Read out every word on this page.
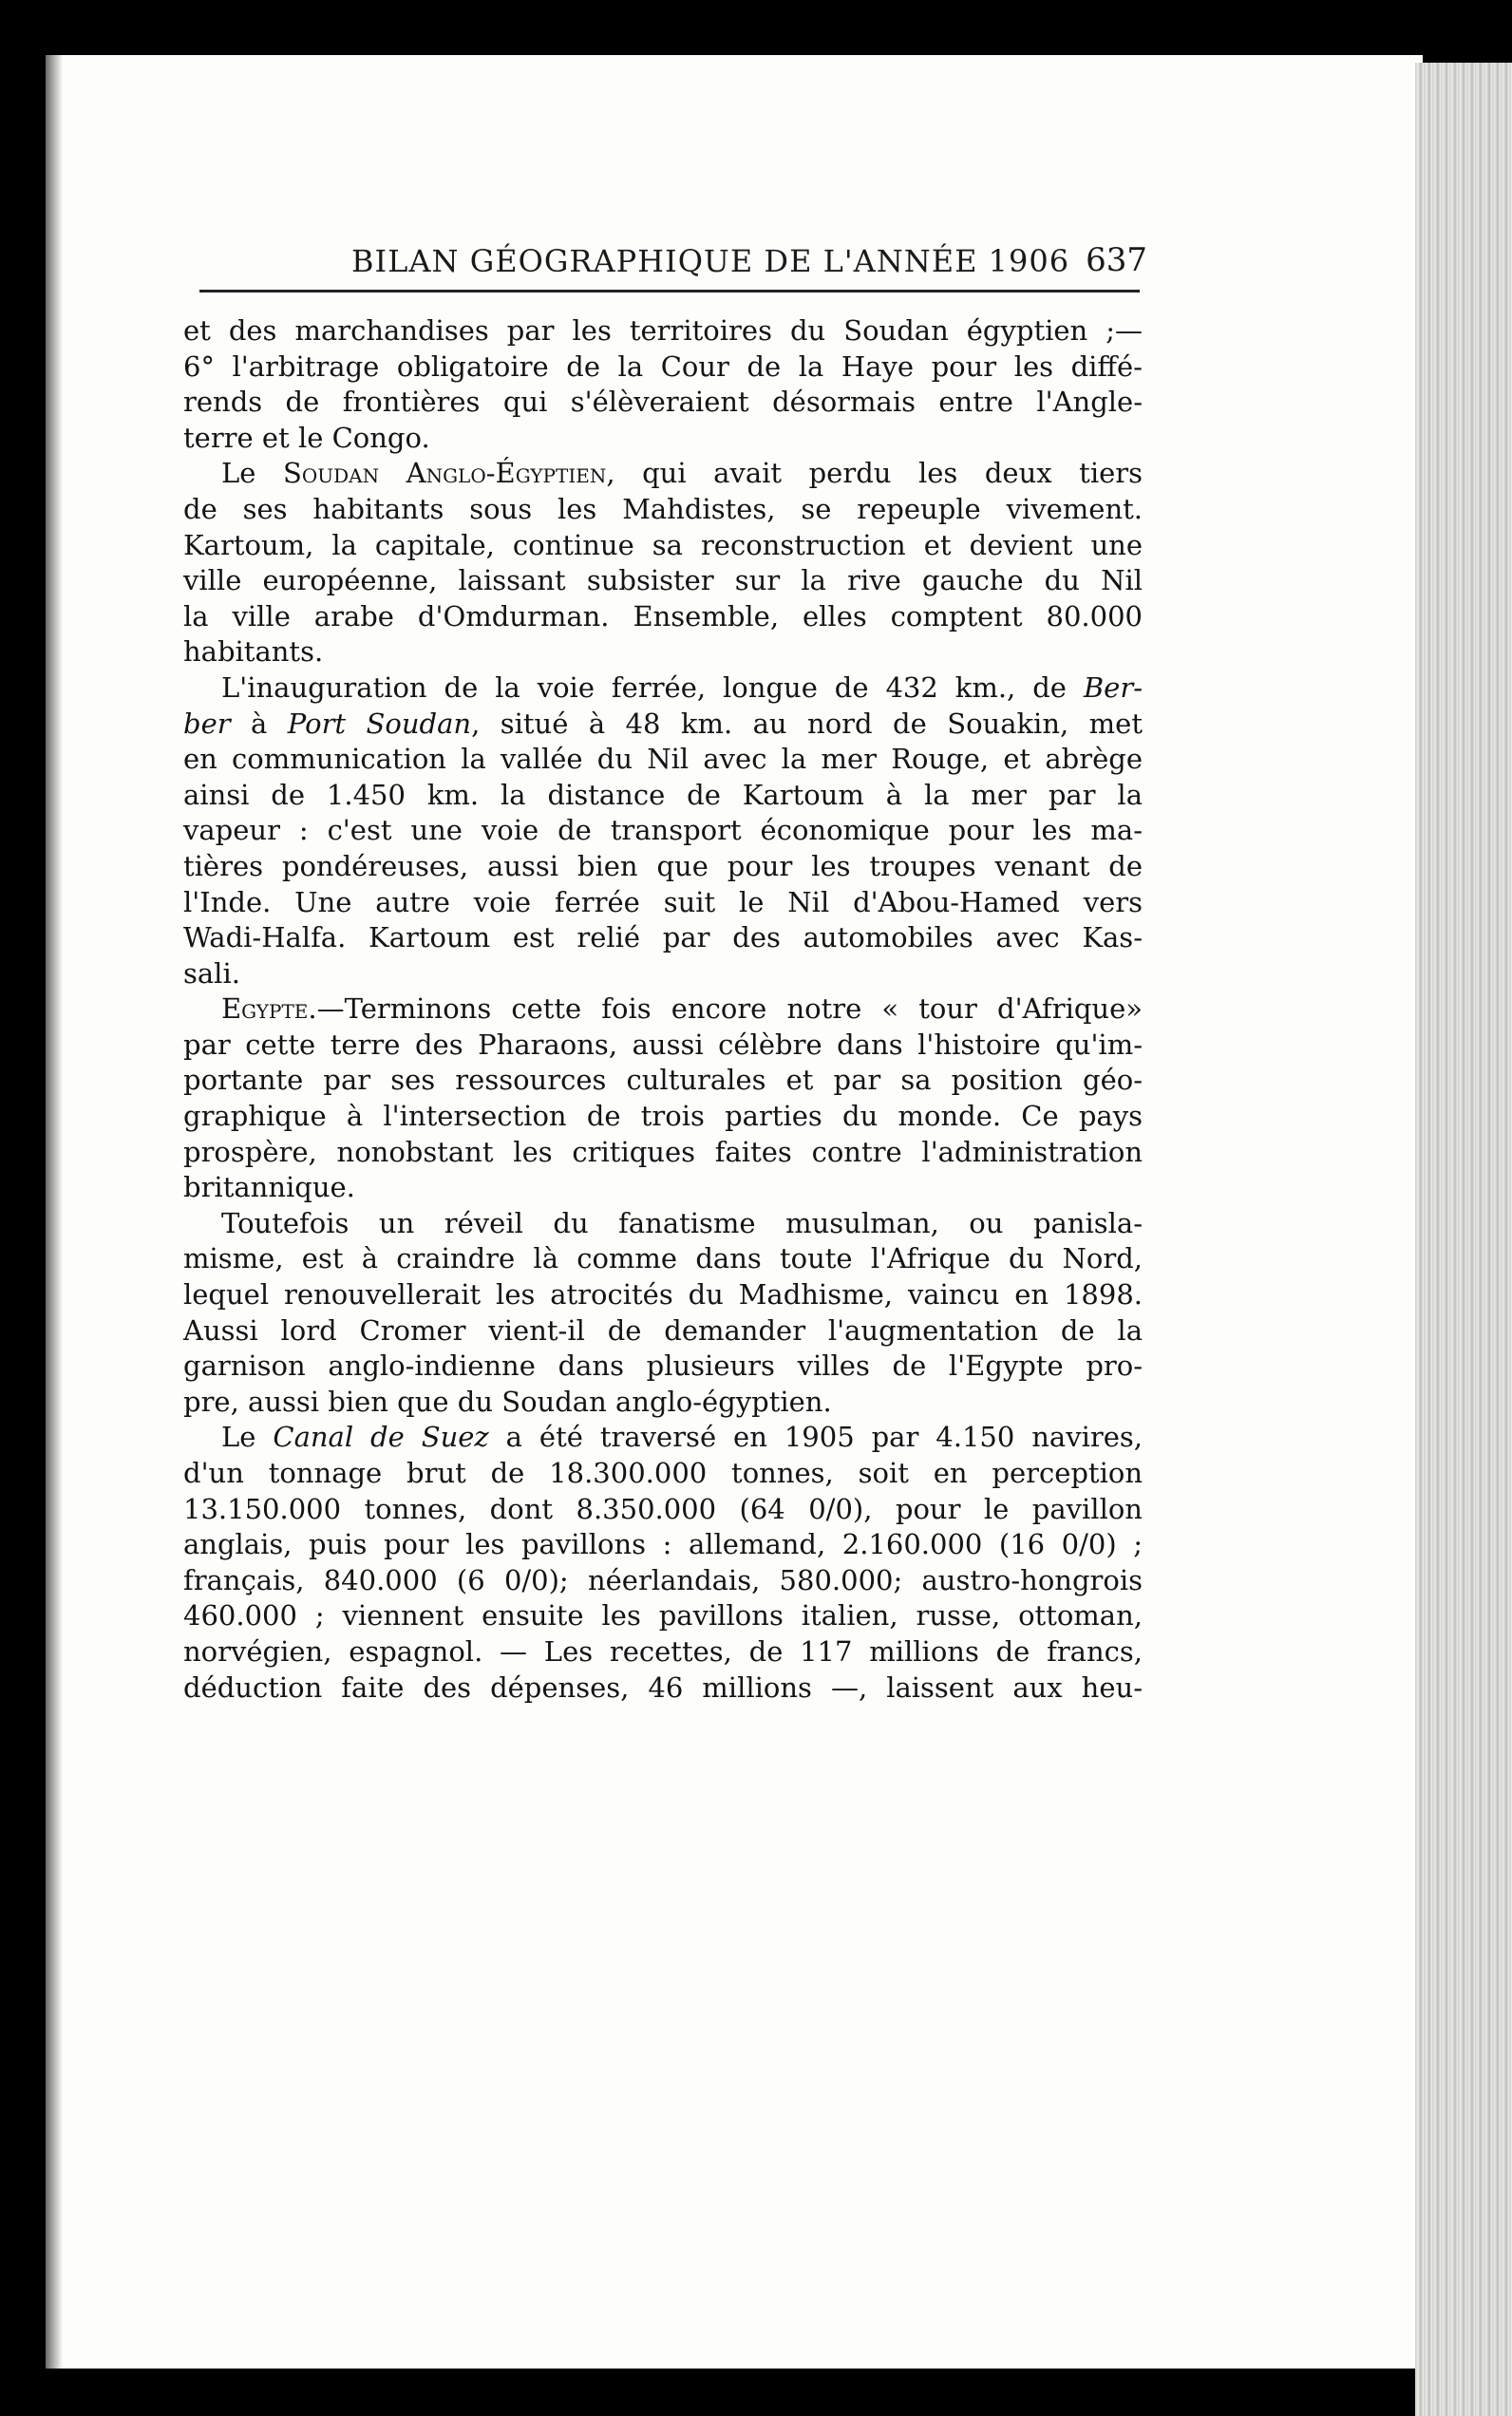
BILAN GÉOGRAPHIQUE DE L'ANNÉE 1906 637

et des marchandises par les territoires du Soudan égyptien ;—

6° l'arbitrage obligatoire de la Cour de la Haye pour les diffé-

rends de frontières qui s'élèveraient désormais entre l'Angle-

terre et le Congo.

Le Soudan Anglo-Égyptien, qui avait perdu les deux tiers

de ses habitants sous les Mahdistes, se repeuple vivement.

Kartoum, la capitale, continue sa reconstruction et devient une

ville européenne, laissant subsister sur la rive gauche du Nil

la ville arabe d'Omdurman. Ensemble, elles comptent 80.000

habitants.

L'inauguration de la voie ferrée, longue de 432 km., de Ber-

ber à Port Soudan, situé à 48 km. au nord de Souakin, met

en communication la vallée du Nil avec la mer Rouge, et abrège

ainsi de 1.450 km. la distance de Kartoum à la mer par la

vapeur : c'est une voie de transport économique pour les ma-

tières pondéreuses, aussi bien que pour les troupes venant de

l'Inde. Une autre voie ferrée suit le Nil d'Abou-Hamed vers

Wadi-Halfa. Kartoum est relié par des automobiles avec Kas-

sali.

Egypte.—Terminons cette fois encore notre « tour d'Afrique»

par cette terre des Pharaons, aussi célèbre dans l'histoire qu'im-

portante par ses ressources culturales et par sa position géo-

graphique à l'intersection de trois parties du monde. Ce pays

prospère, nonobstant les critiques faites contre l'administration

britannique.

Toutefois un réveil du fanatisme musulman, ou panisla-

misme, est à craindre là comme dans toute l'Afrique du Nord,

lequel renouvellerait les atrocités du Madhisme, vaincu en 1898.

Aussi lord Cromer vient-il de demander l'augmentation de la

garnison anglo-indienne dans plusieurs villes de l'Egypte pro-

pre, aussi bien que du Soudan anglo-égyptien.

Le Canal de Suez a été traversé en 1905 par 4.150 navires,

d'un tonnage brut de 18.300.000 tonnes, soit en perception

13.150.000 tonnes, dont 8.350.000 (64 0/0), pour le pavillon

anglais, puis pour les pavillons : allemand, 2.160.000 (16 0/0) ;

français, 840.000 (6 0/0); néerlandais, 580.000; austro-hongrois

460.000 ; viennent ensuite les pavillons italien, russe, ottoman,

norvégien, espagnol. — Les recettes, de 117 millions de francs,

déduction faite des dépenses, 46 millions —, laissent aux heu-
